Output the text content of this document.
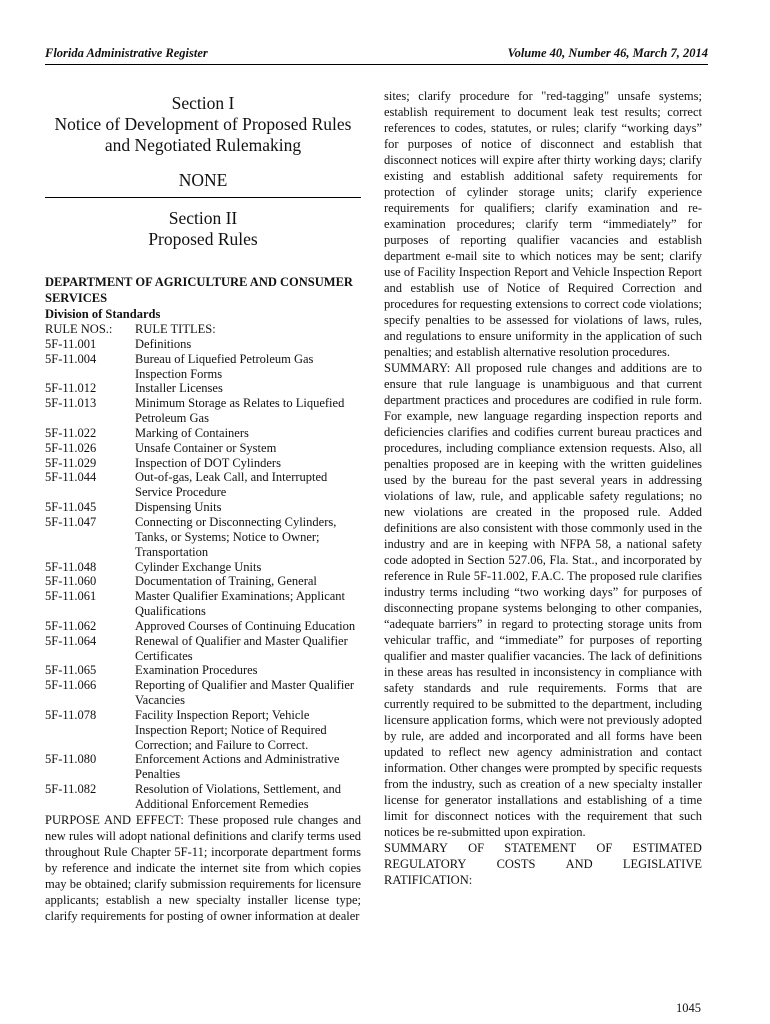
Florida Administrative Register	Volume 40, Number 46, March 7, 2014
Section I
Notice of Development of Proposed Rules
and Negotiated Rulemaking
NONE
Section II
Proposed Rules
DEPARTMENT OF AGRICULTURE AND CONSUMER SERVICES
Division of Standards
RULE NOS.:	RULE TITLES:
5F-11.001	Definitions
5F-11.004	Bureau of Liquefied Petroleum Gas Inspection Forms
5F-11.012	Installer Licenses
5F-11.013	Minimum Storage as Relates to Liquefied Petroleum Gas
5F-11.022	Marking of Containers
5F-11.026	Unsafe Container or System
5F-11.029	Inspection of DOT Cylinders
5F-11.044	Out-of-gas, Leak Call, and Interrupted Service Procedure
5F-11.045	Dispensing Units
5F-11.047	Connecting or Disconnecting Cylinders, Tanks, or Systems; Notice to Owner; Transportation
5F-11.048	Cylinder Exchange Units
5F-11.060	Documentation of Training, General
5F-11.061	Master Qualifier Examinations; Applicant Qualifications
5F-11.062	Approved Courses of Continuing Education
5F-11.064	Renewal of Qualifier and Master Qualifier Certificates
5F-11.065	Examination Procedures
5F-11.066	Reporting of Qualifier and Master Qualifier Vacancies
5F-11.078	Facility Inspection Report; Vehicle Inspection Report; Notice of Required Correction; and Failure to Correct.
5F-11.080	Enforcement Actions and Administrative Penalties
5F-11.082	Resolution of Violations, Settlement, and Additional Enforcement Remedies
PURPOSE AND EFFECT: These proposed rule changes and new rules will adopt national definitions and clarify terms used throughout Rule Chapter 5F-11; incorporate department forms by reference and indicate the internet site from which copies may be obtained; clarify submission requirements for licensure applicants; establish a new specialty installer license type; clarify requirements for posting of owner information at dealer
sites; clarify procedure for "red-tagging" unsafe systems; establish requirement to document leak test results; correct references to codes, statutes, or rules; clarify “working days” for purposes of notice of disconnect and establish that disconnect notices will expire after thirty working days; clarify existing and establish additional safety requirements for protection of cylinder storage units; clarify experience requirements for qualifiers; clarify examination and re-examination procedures; clarify term “immediately” for purposes of reporting qualifier vacancies and establish department e-mail site to which notices may be sent; clarify use of Facility Inspection Report and Vehicle Inspection Report and establish use of Notice of Required Correction and procedures for requesting extensions to correct code violations; specify penalties to be assessed for violations of laws, rules, and regulations to ensure uniformity in the application of such penalties; and establish alternative resolution procedures.
SUMMARY: All proposed rule changes and additions are to ensure that rule language is unambiguous and that current department practices and procedures are codified in rule form. For example, new language regarding inspection reports and deficiencies clarifies and codifies current bureau practices and procedures, including compliance extension requests. Also, all penalties proposed are in keeping with the written guidelines used by the bureau for the past several years in addressing violations of law, rule, and applicable safety regulations; no new violations are created in the proposed rule. Added definitions are also consistent with those commonly used in the industry and are in keeping with NFPA 58, a national safety code adopted in Section 527.06, Fla. Stat., and incorporated by reference in Rule 5F-11.002, F.A.C. The proposed rule clarifies industry terms including “two working days” for purposes of disconnecting propane systems belonging to other companies, “adequate barriers” in regard to protecting storage units from vehicular traffic, and “immediate” for purposes of reporting qualifier and master qualifier vacancies. The lack of definitions in these areas has resulted in inconsistency in compliance with safety standards and rule requirements. Forms that are currently required to be submitted to the department, including licensure application forms, which were not previously adopted by rule, are added and incorporated and all forms have been updated to reflect new agency administration and contact information. Other changes were prompted by specific requests from the industry, such as creation of a new specialty installer license for generator installations and establishing of a time limit for disconnect notices with the requirement that such notices be re-submitted upon expiration.
SUMMARY OF STATEMENT OF ESTIMATED
REGULATORY COSTS AND LEGISLATIVE
RATIFICATION:
1045
